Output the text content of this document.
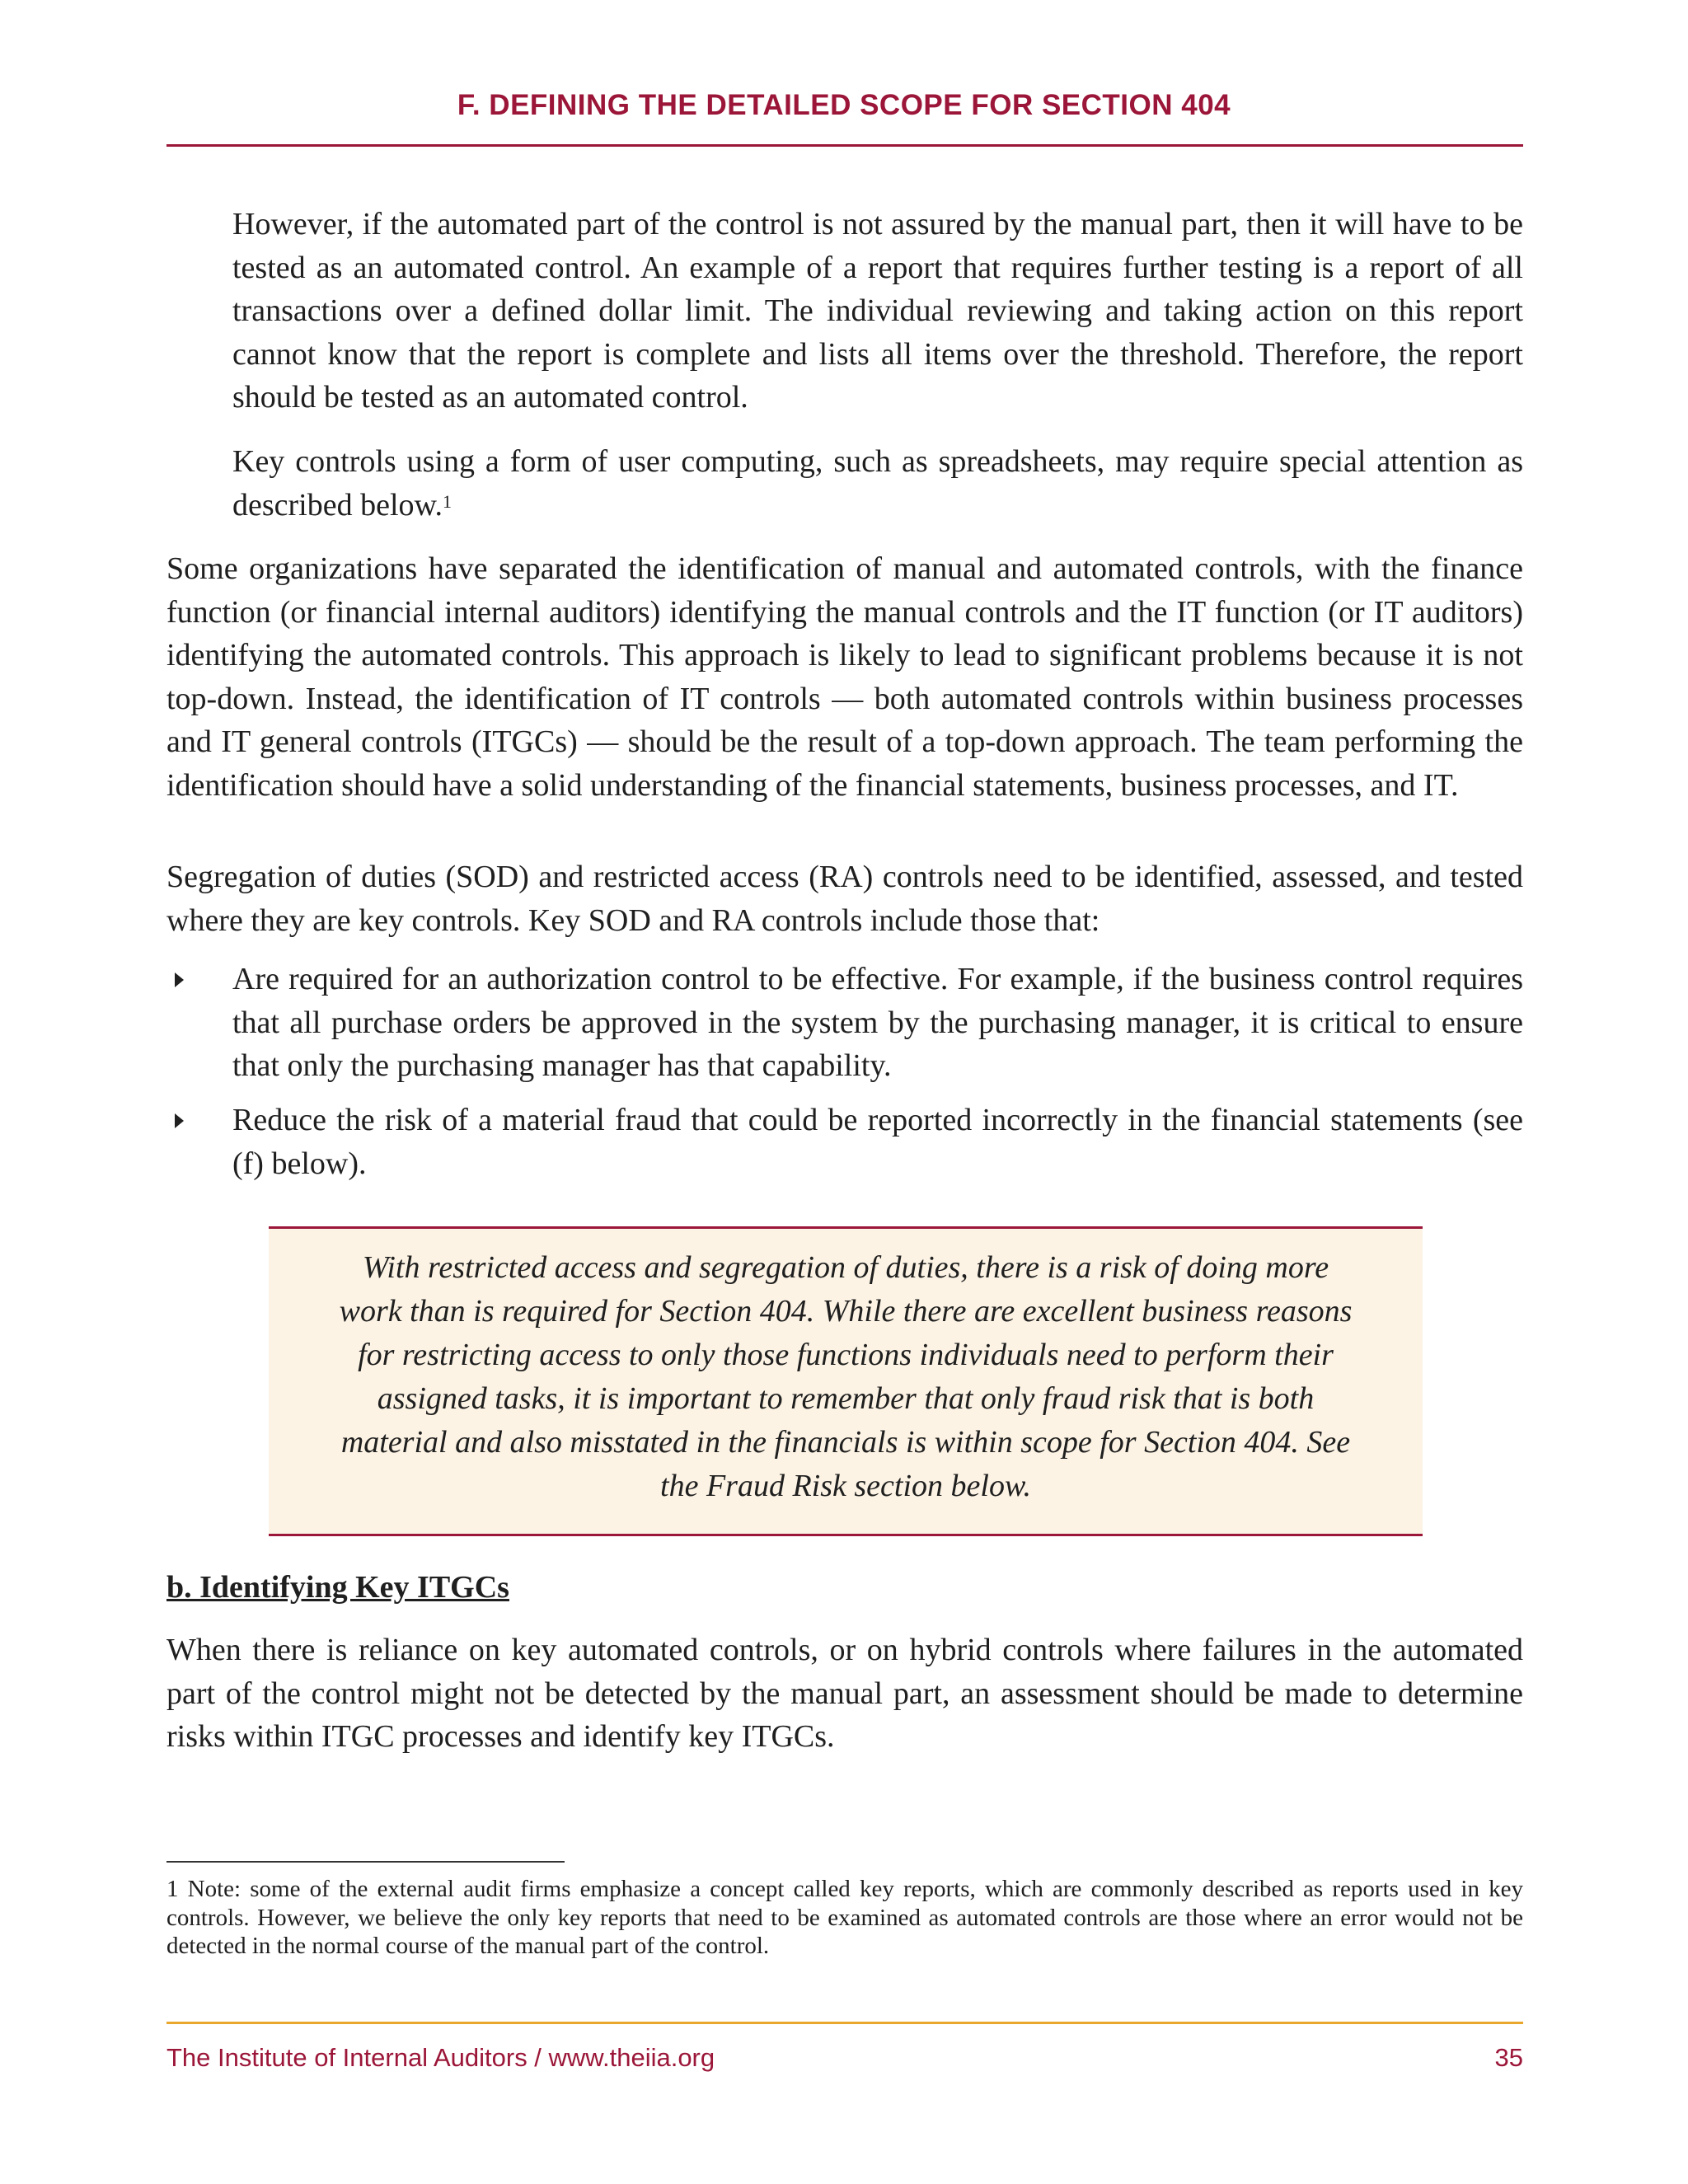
F. DEFINING THE DETAILED SCOPE FOR SECTION 404

However, if the automated part of the control is not assured by the manual part, then it will have to be tested as an automated control. An example of a report that requires further testing is a report of all transactions over a defined dollar limit. The individual reviewing and taking action on this report cannot know that the report is complete and lists all items over the threshold. Therefore, the report should be tested as an automated control.

Key controls using a form of user computing, such as spreadsheets, may require special attention as described below.$^1$

Some organizations have separated the identification of manual and automated controls, with the finance function (or financial internal auditors) identifying the manual controls and the IT function (or IT auditors) identifying the automated controls. This approach is likely to lead to significant problems because it is not top-down. Instead, the identification of IT controls — both automated controls within business processes and IT general controls (ITGCs) — should be the result of a top-down approach. The team performing the identification should have a solid understanding of the financial statements, business processes, and IT.

Segregation of duties (SOD) and restricted access (RA) controls need to be identified, assessed, and tested where they are key controls. Key SOD and RA controls include those that:

Are required for an authorization control to be effective. For example, if the business control requires that all purchase orders be approved in the system by the purchasing manager, it is critical to ensure that only the purchasing manager has that capability.

Reduce the risk of a material fraud that could be reported incorrectly in the financial statements (see (f) below).

With restricted access and segregation of duties, there is a risk of doing more work than is required for Section 404. While there are excellent business reasons for restricting access to only those functions individuals need to perform their assigned tasks, it is important to remember that only fraud risk that is both material and also misstated in the financials is within scope for Section 404. See the Fraud Risk section below.

b. Identifying Key ITGCs

When there is reliance on key automated controls, or on hybrid controls where failures in the automated part of the control might not be detected by the manual part, an assessment should be made to determine risks within ITGC processes and identify key ITGCs.

1 Note: some of the external audit firms emphasize a concept called key reports, which are commonly described as reports used in key controls. However, we believe the only key reports that need to be examined as automated controls are those where an error would not be detected in the normal course of the manual part of the control.

The Institute of Internal Auditors / www.theiia.org	35
